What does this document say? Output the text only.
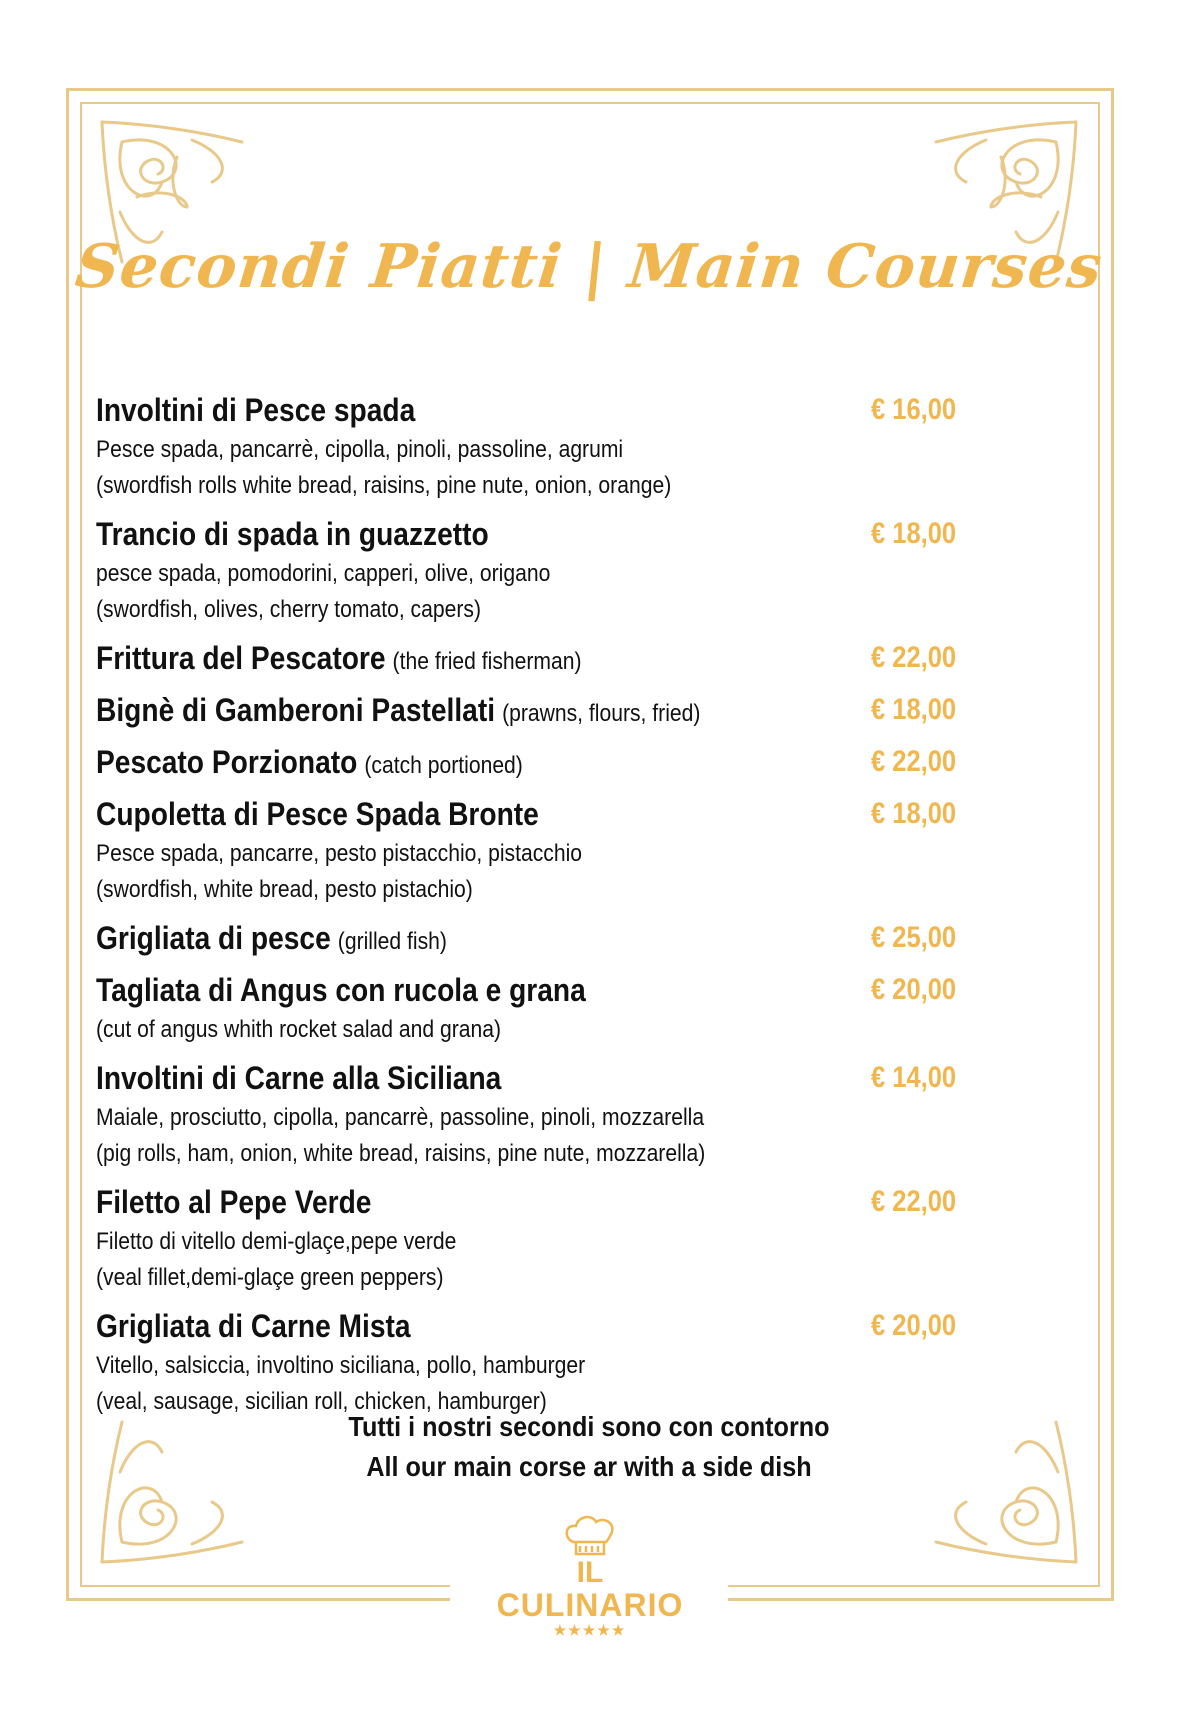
Secondi Piatti | Main Courses
Involtini di Pesce spada	€ 16,00
Pesce spada, pancarrè, cipolla, pinoli, passoline, agrumi
(swordfish rolls white bread, raisins, pine nute, onion, orange)
Trancio di spada in guazzetto	€ 18,00
pesce spada, pomodorini, capperi, olive, origano
(swordfish, olives, cherry tomato, capers)
Frittura del Pescatore (the fried fisherman)	€ 22,00
Bignè di Gamberoni Pastellati (prawns, flours, fried)	€ 18,00
Pescato Porzionato (catch portioned)	€ 22,00
Cupoletta di Pesce Spada Bronte	€ 18,00
Pesce spada, pancarre, pesto pistacchio, pistacchio
(swordfish, white bread, pesto pistachio)
Grigliata di pesce (grilled fish)	€ 25,00
Tagliata di Angus con rucola e grana	€ 20,00
(cut of angus whith rocket salad and grana)
Involtini di Carne alla Siciliana	€ 14,00
Maiale, prosciutto, cipolla, pancarrè, passoline, pinoli, mozzarella
(pig rolls, ham, onion, white bread, raisins, pine nute, mozzarella)
Filetto al Pepe Verde	€ 22,00
Filetto di vitello demi-glaçe,pepe verde
(veal fillet,demi-glaçe green peppers)
Grigliata di Carne Mista	€ 20,00
Vitello, salsiccia, involtino siciliana, pollo, hamburger
(veal, sausage, sicilian roll, chicken, hamburger)
Tutti i nostri secondi sono con contorno
All our main corse ar with a side dish
IL
CULINARIO
★★★★★
